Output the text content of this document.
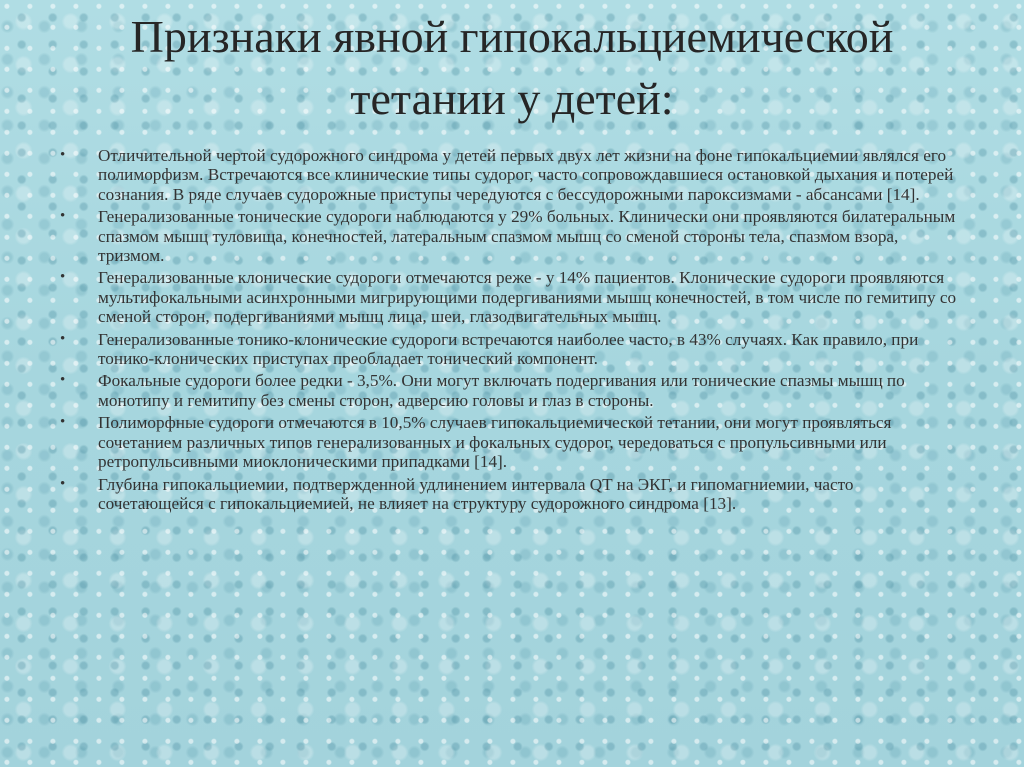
Признаки явной гипокальциемической
тетании у детей:
• Отличительной чертой судорожного синдрома у детей первых двух лет жизни на фоне гипокальциемии являлся его полиморфизм. Встречаются все клинические типы судорог, часто сопровождавшиеся остановкой дыхания и потерей сознания. В ряде случаев судорожные приступы чередуются с бессудорожными пароксизмами - абсансами [14].
• Генерализованные тонические судороги наблюдаются у 29% больных. Клинически они проявляются билатеральным спазмом мышц туловища, конечностей, латеральным спазмом мышц со сменой стороны тела, спазмом взора, тризмом.
• Генерализованные клонические судороги отмечаются реже - у 14% пациентов. Клонические судороги проявляются мультифокальными асинхронными мигрирующими подергиваниями мышц конечностей, в том числе по гемитипу со сменой сторон, подергиваниями мышц лица, шеи, глазодвигательных мышц.
• Генерализованные тонико-клонические судороги встречаются наиболее часто, в 43% случаях. Как правило, при тонико-клонических приступах преобладает тонический компонент.
• Фокальные судороги более редки - 3,5%. Они могут включать подергивания или тонические спазмы мышц по монотипу и гемитипу без смены сторон, адверсию головы и глаз в стороны.
• Полиморфные судороги отмечаются в 10,5% случаев гипокальциемической тетании, они могут проявляться сочетанием различных типов генерализованных и фокальных судорог, чередоваться с пропульсивными или ретропульсивными миоклоническими припадками [14].
• Глубина гипокальциемии, подтвержденной удлинением интервала QT на ЭКГ, и гипомагниемии, часто сочетающейся с гипокальциемией, не влияет на структуру судорожного синдрома [13].
